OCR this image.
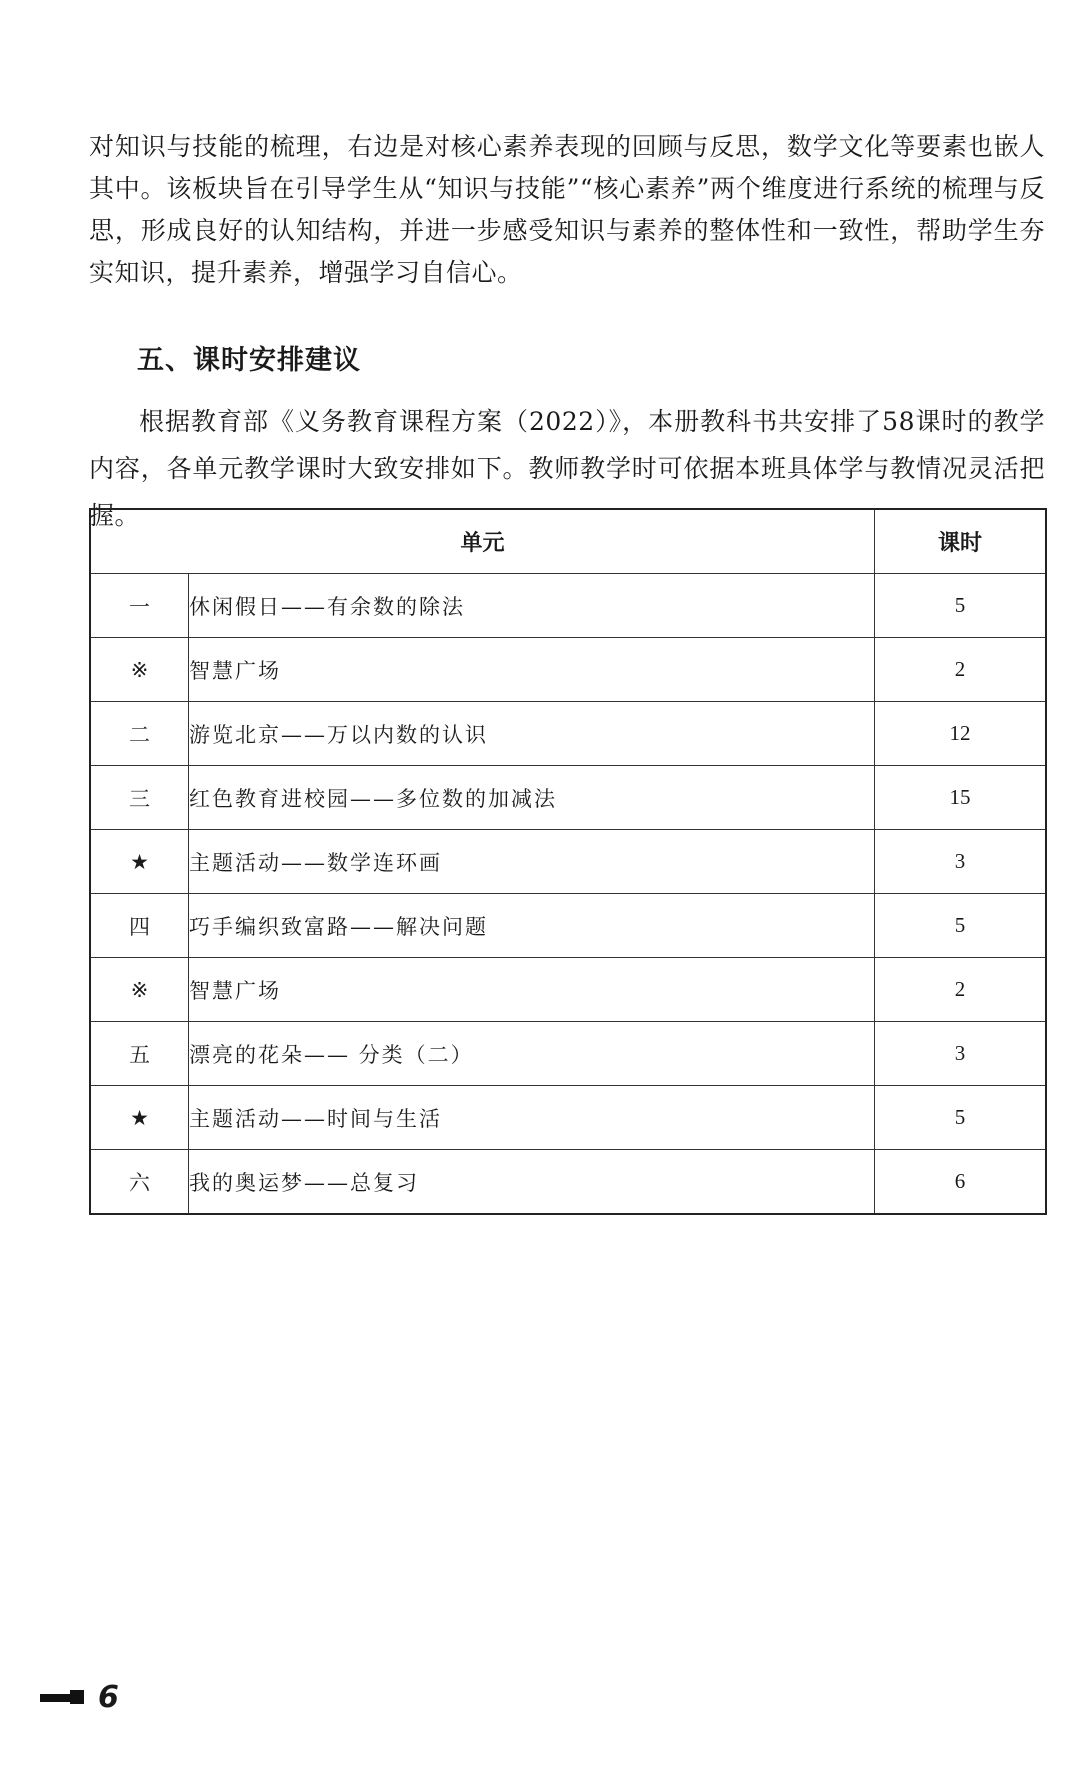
对知识与技能的梳理，右边是对核心素养表现的回顾与反思，数学文化等要素也嵌人其中。该板块旨在引导学生从“知识与技能”“核心素养”两个维度进行系统的梳理与反思，形成良好的认知结构，并进一步感受知识与素养的整体性和一致性，帮助学生夯实知识，提升素养，增强学习自信心。

五、课时安排建议

根据教育部《义务教育课程方案（2022）》，本册教科书共安排了58课时的教学内容，各单元教学课时大致安排如下。教师教学时可依据本班具体学与教情况灵活把握。

单元		课时
一	休闲假日——有余数的除法	5
※	智慧广场	2
二	游览北京——万以内数的认识	12
三	红色教育进校园——多位数的加减法	15
★	主题活动——数学连环画	3
四	巧手编织致富路——解决问题	5
※	智慧广场	2
五	漂亮的花朵—— 分类（二）	3
★	主题活动——时间与生活	5
六	我的奥运梦——总复习	6
6
